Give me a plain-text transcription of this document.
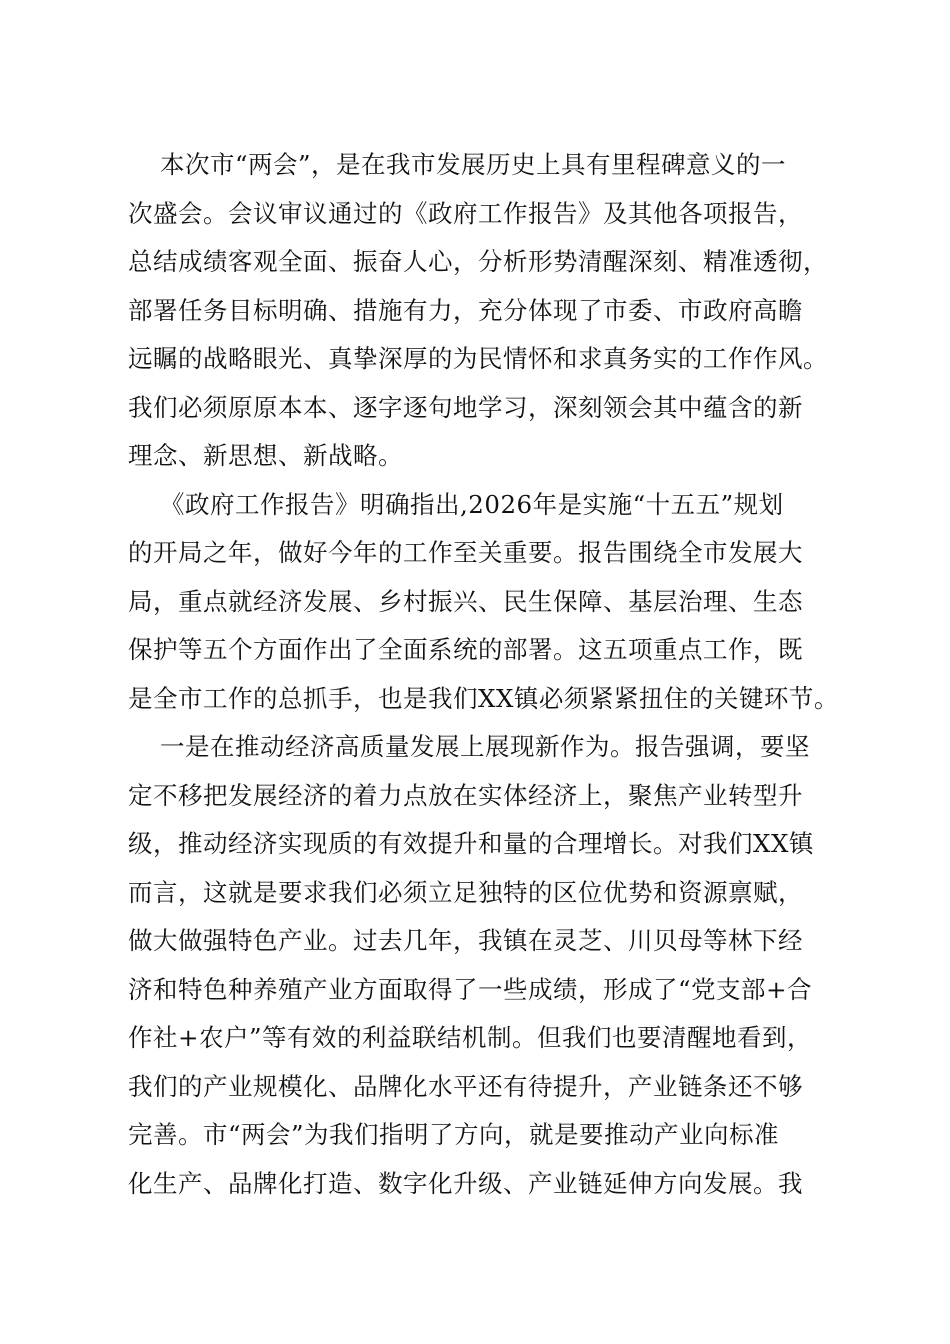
本次市“两会”，是在我市发展历史上具有里程碑意义的一
次盛会。会议审议通过的《政府工作报告》及其他各项报告，
总结成绩客观全面、振奋人心，分析形势清醒深刻、精准透彻，
部署任务目标明确、措施有力，充分体现了市委、市政府高瞻
远瞩的战略眼光、真挚深厚的为民情怀和求真务实的工作作风。
我们必须原原本本、逐字逐句地学习，深刻领会其中蕴含的新
理念、新思想、新战略。
《政府工作报告》明确指出,2026年是实施“十五五”规划
的开局之年，做好今年的工作至关重要。报告围绕全市发展大
局，重点就经济发展、乡村振兴、民生保障、基层治理、生态
保护等五个方面作出了全面系统的部署。这五项重点工作，既
是全市工作的总抓手，也是我们XX镇必须紧紧扭住的关键环节。
一是在推动经济高质量发展上展现新作为。报告强调，要坚
定不移把发展经济的着力点放在实体经济上，聚焦产业转型升
级，推动经济实现质的有效提升和量的合理增长。对我们XX镇
而言，这就是要求我们必须立足独特的区位优势和资源禀赋，
做大做强特色产业。过去几年，我镇在灵芝、川贝母等林下经
济和特色种养殖产业方面取得了一些成绩，形成了“党支部+合
作社+农户”等有效的利益联结机制。但我们也要清醒地看到，
我们的产业规模化、品牌化水平还有待提升，产业链条还不够
完善。市“两会”为我们指明了方向，就是要推动产业向标准
化生产、品牌化打造、数字化升级、产业链延伸方向发展。我
